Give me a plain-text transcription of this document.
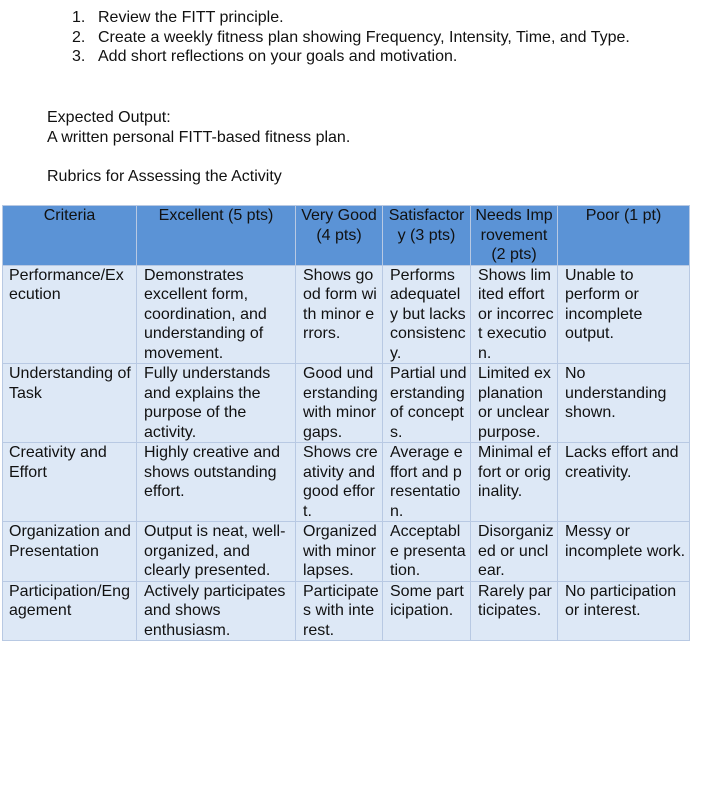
1. Review the FITT principle.
2. Create a weekly fitness plan showing Frequency, Intensity, Time, and Type.
3. Add short reflections on your goals and motivation.

Expected Output:

A written personal FITT-based fitness plan.

Rubrics for Assessing the Activity

Criteria	Excellent (5 pts)	Very Good (4 pts)	Satisfactory (3 pts)	Needs Improvement (2 pts)	Poor (1 pt)
Performance/Execution	Demonstrates excellent form, coordination, and understanding of movement.	Shows good form with minor errors.	Performs adequately but lacks consistency.	Shows limited effort or incorrect execution.	Unable to perform or incomplete output.
Understanding of Task	Fully understands and explains the purpose of the activity.	Good understanding with minor gaps.	Partial understanding of concepts.	Limited explanation or unclear purpose.	No understanding shown.
Creativity and Effort	Highly creative and shows outstanding effort.	Shows creativity and good effort.	Average effort and presentation.	Minimal effort or originality.	Lacks effort and creativity.
Organization and Presentation	Output is neat, well-organized, and clearly presented.	Organized with minor lapses.	Acceptable presentation.	Disorganized or unclear.	Messy or incomplete work.
Participation/Engagement	Actively participates and shows enthusiasm.	Participates with interest.	Some participation.	Rarely participates.	No participation or interest.
